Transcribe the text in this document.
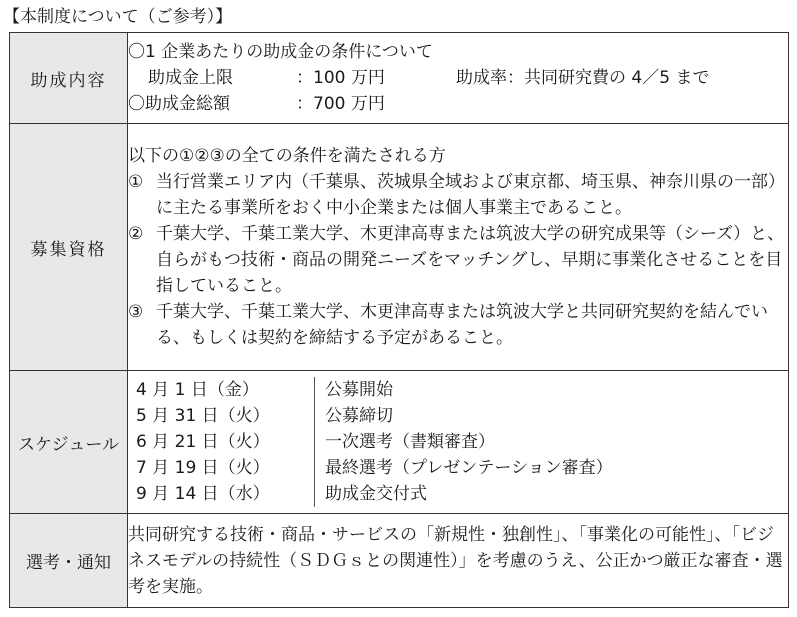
【本制度について（ご参考）】
助成内容	
〇1 企業あたりの助成金の条件について
助成金上限	：100 万円	助成率：共同研究費の 4／5 まで
〇助成金総額	：700 万円

募集資格	
以下の①②③の全ての条件を満たされる方
① 当行営業エリア内（千葉県、茨城県全域および東京都、埼玉県、神奈川県の一部）に主たる事業所をおく中小企業または個人事業主であること。
② 千葉大学、千葉工業大学、木更津高専または筑波大学の研究成果等（シーズ）と、自らがもつ技術・商品の開発ニーズをマッチングし、早期に事業化させることを目指していること。
③ 千葉大学、千葉工業大学、木更津高専または筑波大学と共同研究契約を結んでいる、もしくは契約を締結する予定があること。

スケジュール	
4 月 1 日（金）	公募開始
5 月 31 日（火）	公募締切
6 月 21 日（火）	一次選考（書類審査）
7 月 19 日（火）	最終選考（プレゼンテーション審査）
9 月 14 日（水）	助成金交付式

選考・通知	
共同研究する技術・商品・サービスの「新規性・独創性」、「事業化の可能性」、「ビジネスモデルの持続性（ＳＤＧｓとの関連性）」を考慮のうえ、公正かつ厳正な審査・選考を実施。
